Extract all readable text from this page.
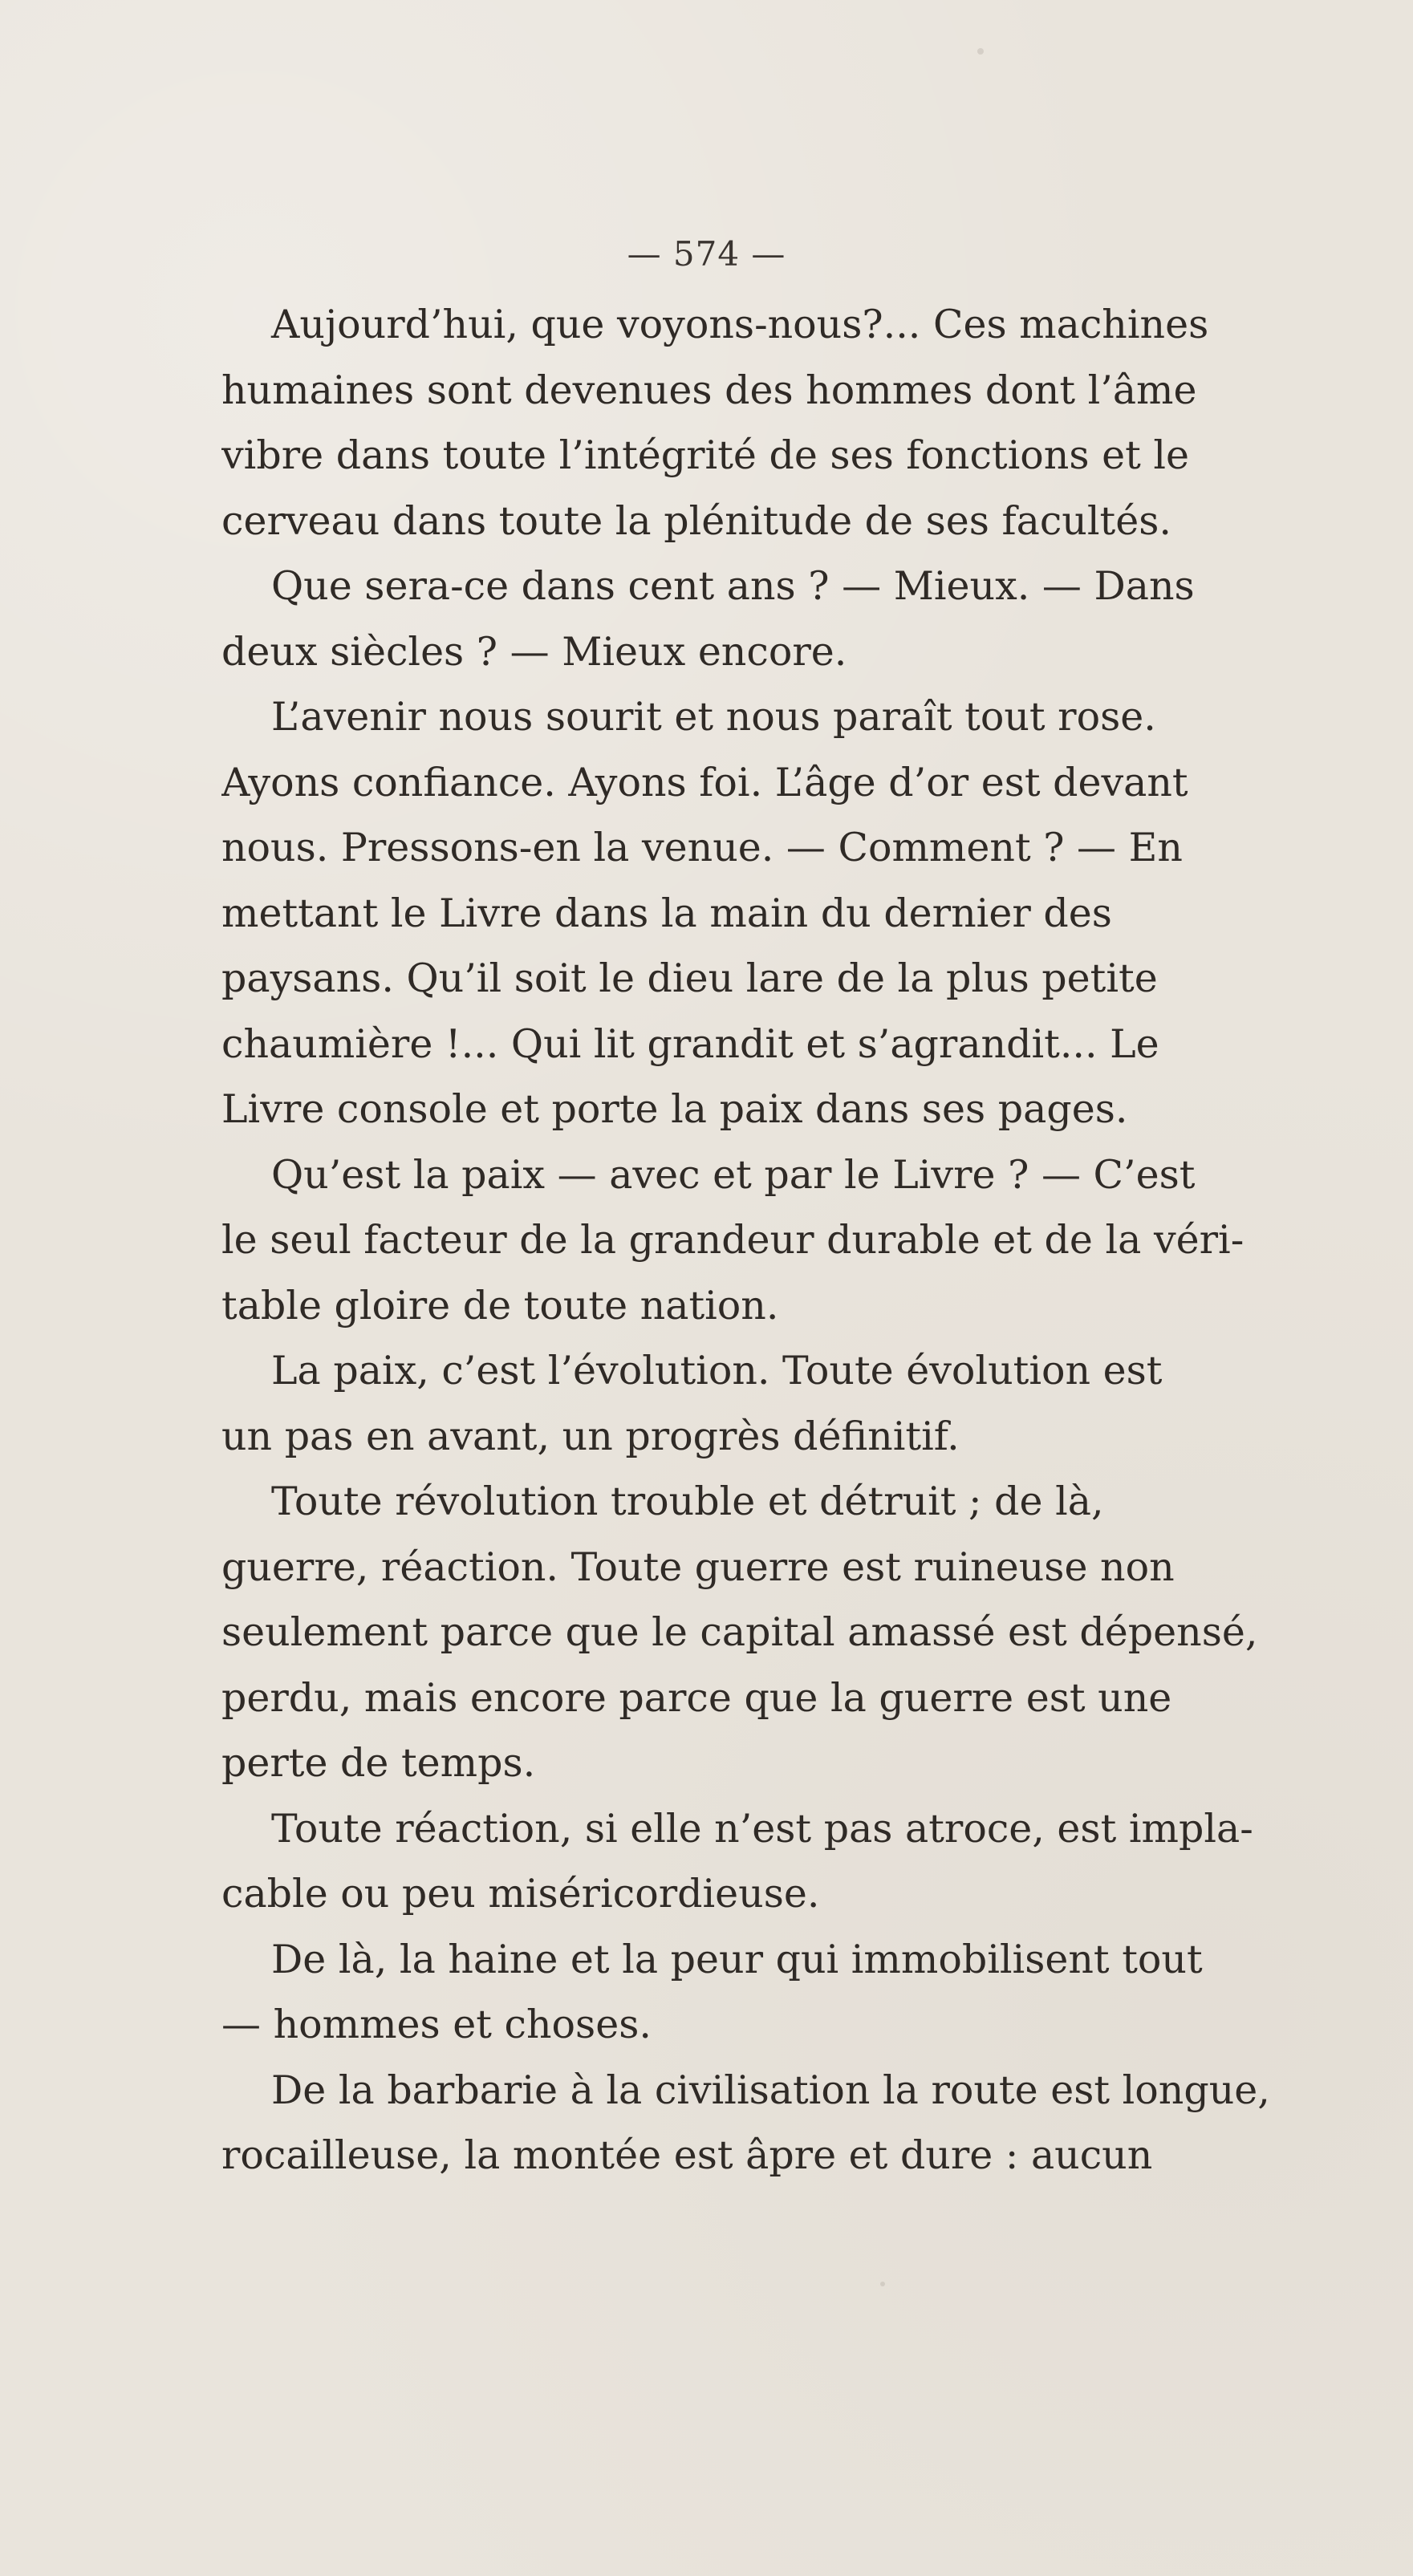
— 574 —
Aujourd’hui, que voyons-nous?... Ces machines
humaines sont devenues des hommes dont l’âme
vibre dans toute l’intégrité de ses fonctions et le
cerveau dans toute la plénitude de ses facultés.
Que sera-ce dans cent ans ? — Mieux. — Dans
deux siècles ? — Mieux encore.
L’avenir nous sourit et nous paraît tout rose.
Ayons confiance. Ayons foi. L’âge d’or est devant
nous. Pressons-en la venue. — Comment ? — En
mettant le Livre dans la main du dernier des
paysans. Qu’il soit le dieu lare de la plus petite
chaumière !... Qui lit grandit et s’agrandit... Le
Livre console et porte la paix dans ses pages.
Qu’est la paix — avec et par le Livre ? — C’est
le seul facteur de la grandeur durable et de la véri-
table gloire de toute nation.
La paix, c’est l’évolution. Toute évolution est
un pas en avant, un progrès définitif.
Toute révolution trouble et détruit ; de là,
guerre, réaction. Toute guerre est ruineuse non
seulement parce que le capital amassé est dépensé,
perdu, mais encore parce que la guerre est une
perte de temps.
Toute réaction, si elle n’est pas atroce, est impla-
cable ou peu miséricordieuse.
De là, la haine et la peur qui immobilisent tout
— hommes et choses.
De la barbarie à la civilisation la route est longue,
rocailleuse, la montée est âpre et dure : aucun
